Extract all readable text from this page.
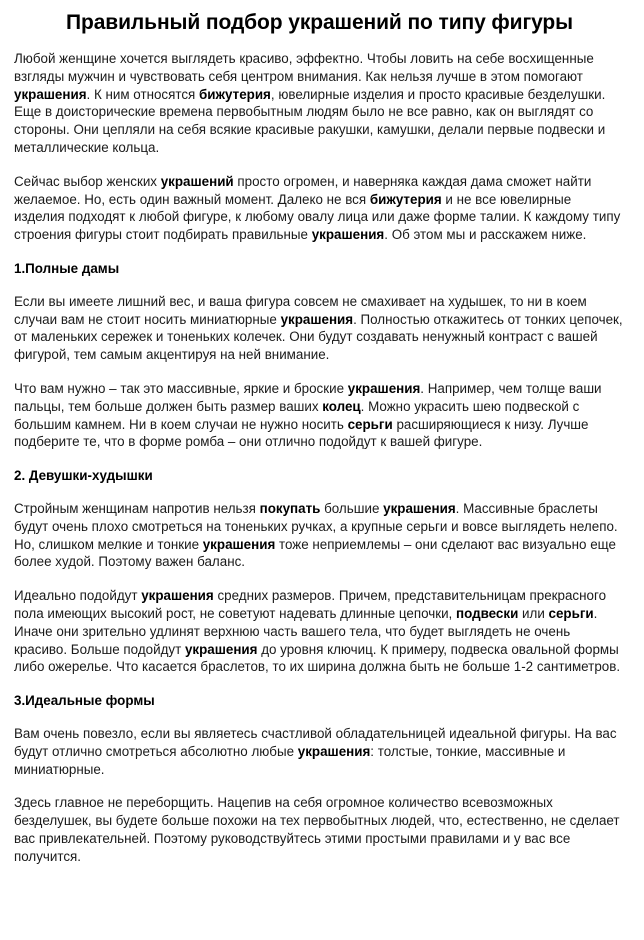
Правильный подбор украшений по типу фигуры

Любой женщине хочется выглядеть красиво, эффектно. Чтобы ловить на себе восхищенные взгляды мужчин и чувствовать себя центром внимания. Как нельзя лучше в этом помогают украшения. К ним относятся бижутерия, ювелирные изделия и просто красивые безделушки. Еще в доисторические времена первобытным людям было не все равно, как он выглядят со стороны. Они цепляли на себя всякие красивые ракушки, камушки, делали первые подвески и металлические кольца.

Сейчас выбор женских украшений просто огромен, и наверняка каждая дама сможет найти желаемое. Но, есть один важный момент. Далеко не вся бижутерия и не все ювелирные изделия подходят к любой фигуре, к любому овалу лица или даже форме талии. К каждому типу строения фигуры стоит подбирать правильные украшения. Об этом мы и расскажем ниже.

1.Полные дамы

Если вы имеете лишний вес, и ваша фигура совсем не смахивает на худышек, то ни в коем случаи вам не стоит носить миниатюрные украшения. Полностью откажитесь от тонких цепочек, от маленьких сережек и тоненьких колечек. Они будут создавать ненужный контраст с вашей фигурой, тем самым акцентируя на ней внимание.

Что вам нужно – так это массивные, яркие и броские украшения. Например, чем толще ваши пальцы, тем больше должен быть размер ваших колец. Можно украсить шею подвеской с большим камнем. Ни в коем случаи не нужно носить серьги расширяющиеся к низу. Лучше подберите те, что в форме ромба – они отлично подойдут к вашей фигуре.

2. Девушки-худышки

Стройным женщинам напротив нельзя покупать большие украшения. Массивные браслеты будут очень плохо смотреться на тоненьких ручках, а крупные серьги и вовсе выглядеть нелепо. Но, слишком мелкие и тонкие украшения тоже неприемлемы – они сделают вас визуально еще более худой. Поэтому важен баланс.

Идеально подойдут украшения средних размеров. Причем, представительницам прекрасного пола имеющих высокий рост, не советуют надевать длинные цепочки, подвески или серьги. Иначе они зрительно удлинят верхнюю часть вашего тела, что будет выглядеть не очень красиво. Больше подойдут украшения до уровня ключиц. К примеру, подвеска овальной формы либо ожерелье. Что касается браслетов, то их ширина должна быть не больше 1-2 сантиметров.

3.Идеальные формы

Вам очень повезло, если вы являетесь счастливой обладательницей идеальной фигуры. На вас будут отлично смотреться абсолютно любые украшения: толстые, тонкие, массивные и миниатюрные.

Здесь главное не переборщить. Нацепив на себя огромное количество всевозможных безделушек, вы будете больше похожи на тех первобытных людей, что, естественно, не сделает вас привлекательней. Поэтому руководствуйтесь этими простыми правилами и у вас все получится.
